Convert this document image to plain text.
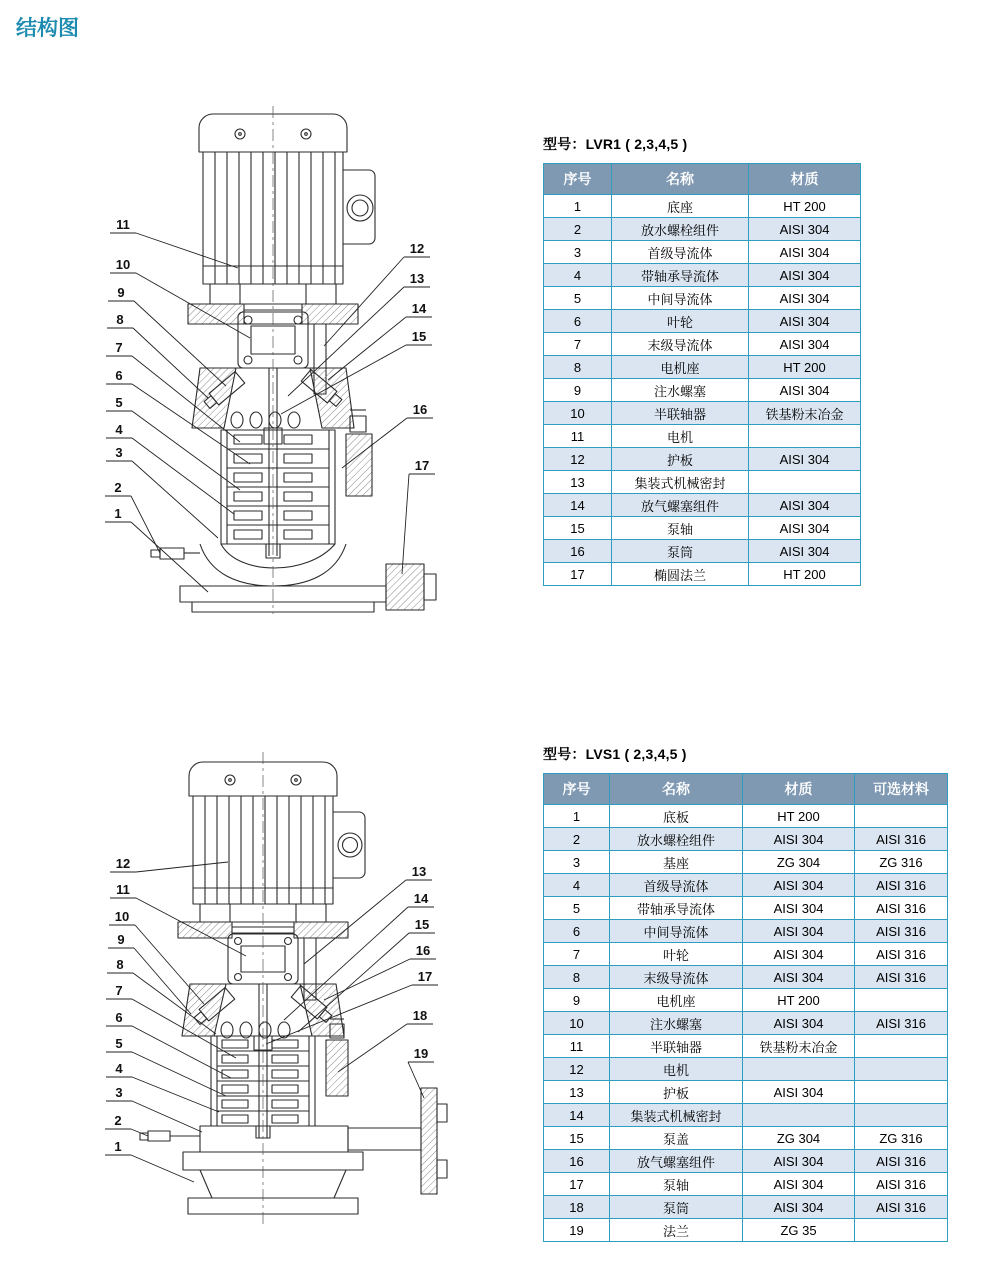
结构图
11
10
9
8
7
6
5
4
3
2
1
12
13
14
15
16
17
12
11
10
9
8
7
6
5
4
3
2
1
13
14
15
16
17
18
19
型号：LVR1 ( 2,3,4,5 )
序号	名称	材质
1	底座	HT 200
2	放水螺栓组件	AISI 304
3	首级导流体	AISI 304
4	带轴承导流体	AISI 304
5	中间导流体	AISI 304
6	叶轮	AISI 304
7	末级导流体	AISI 304
8	电机座	HT 200
9	注水螺塞	AISI 304
10	半联轴器	铁基粉末冶金
11	电机	
12	护板	AISI 304
13	集装式机械密封	
14	放气螺塞组件	AISI 304
15	泵轴	AISI 304
16	泵筒	AISI 304
17	椭圆法兰	HT 200
型号：LVS1 ( 2,3,4,5 )
序号	名称	材质	可选材料
1	底板	HT 200	
2	放水螺栓组件	AISI 304	AISI 316
3	基座	ZG 304	ZG 316
4	首级导流体	AISI 304	AISI 316
5	带轴承导流体	AISI 304	AISI 316
6	中间导流体	AISI 304	AISI 316
7	叶轮	AISI 304	AISI 316
8	末级导流体	AISI 304	AISI 316
9	电机座	HT 200	
10	注水螺塞	AISI 304	AISI 316
11	半联轴器	铁基粉末冶金	
12	电机		
13	护板	AISI 304	
14	集装式机械密封		
15	泵盖	ZG 304	ZG 316
16	放气螺塞组件	AISI 304	AISI 316
17	泵轴	AISI 304	AISI 316
18	泵筒	AISI 304	AISI 316
19	法兰	ZG 35	
